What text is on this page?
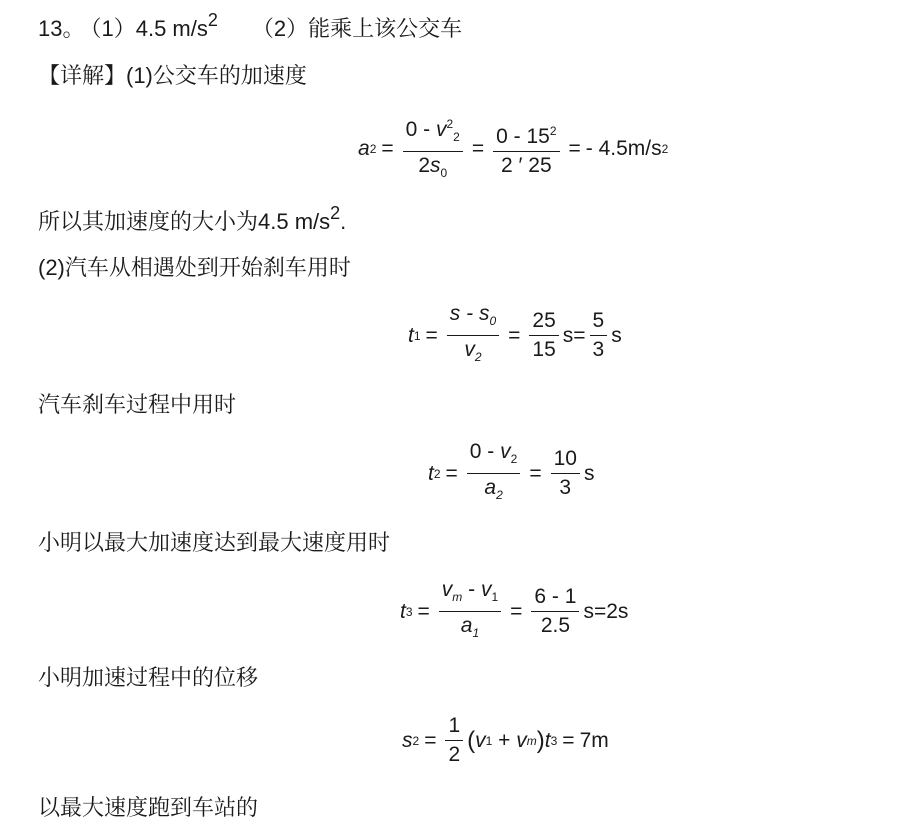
13。 （1）4.5 $m/s^2$ （2）能乘上该公交车
【详解】(1)公交车的加速度
a $2 = \frac{0 - v^2_2}{2s_0} = \frac{0 - 15^2}{2 ' 25}$ = - 4.5m/s 2
所以其加速度的大小为4.5 $m/s^2$.
(2)汽车从相遇处到开始刹车用时
t $1 = \frac{s - s_0}{v_2} = \frac{25}{15} s= \frac{5}{3}$ s
汽车刹车过程中用时
t $2 = \frac{0 - v_2}{a_2} = \frac{10}{3}$ s
小明以最大加速度达到最大速度用时
t $3 = \frac{v_m - v_1}{a_1} = \frac{6 - 1}{2.5} s=2s$
小明加速过程中的位移
s $2 = \frac{1}{2}$ ( v 1 + v m ) t 3 = 7m
以最大速度跑到车站的
